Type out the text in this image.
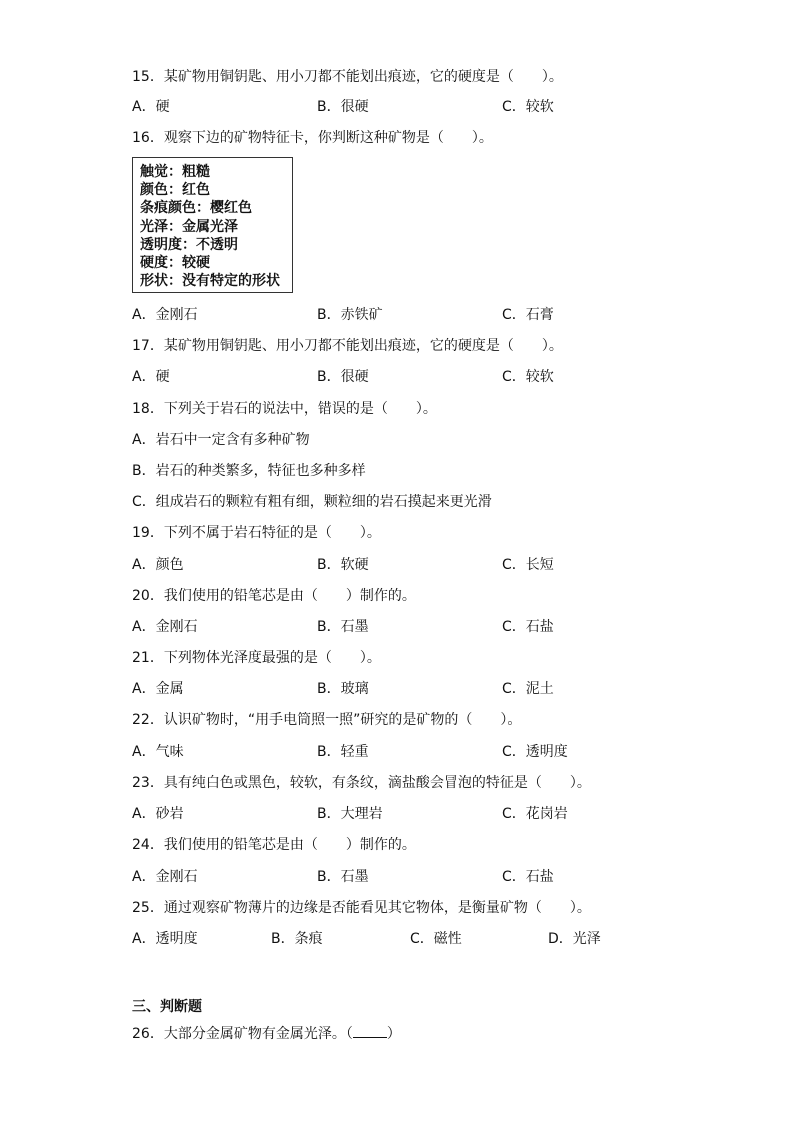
15．某矿物用铜钥匙、用小刀都不能划出痕迹，它的硬度是（　　）。
A．硬	B．很硬	C．较软
16．观察下边的矿物特征卡，你判断这种矿物是（　　）。
触觉：粗糙
颜色：红色
条痕颜色：樱红色
光泽：金属光泽
透明度：不透明
硬度：较硬
形状：没有特定的形状
A．金刚石	B．赤铁矿	C．石膏
17．某矿物用铜钥匙、用小刀都不能划出痕迹，它的硬度是（　　）。
A．硬	B．很硬	C．较软
18．下列关于岩石的说法中，错误的是（　　）。
A．岩石中一定含有多种矿物
B．岩石的种类繁多，特征也多种多样
C．组成岩石的颗粒有粗有细，颗粒细的岩石摸起来更光滑
19．下列不属于岩石特征的是（　　）。
A．颜色	B．软硬	C．长短
20．我们使用的铅笔芯是由（　　）制作的。
A．金刚石	B．石墨	C．石盐
21．下列物体光泽度最强的是（　　）。
A．金属	B．玻璃	C．泥土
22．认识矿物时，“用手电筒照一照”研究的是矿物的（　　）。
A．气味	B．轻重	C．透明度
23．具有纯白色或黑色，较软，有条纹，滴盐酸会冒泡的特征是（　　）。
A．砂岩	B．大理岩	C．花岗岩
24．我们使用的铅笔芯是由（　　）制作的。
A．金刚石	B．石墨	C．石盐
25．通过观察矿物薄片的边缘是否能看见其它物体，是衡量矿物（　　）。
A．透明度	B．条痕	C．磁性	D．光泽
三、判断题
26．大部分金属矿物有金属光泽。（ ）
